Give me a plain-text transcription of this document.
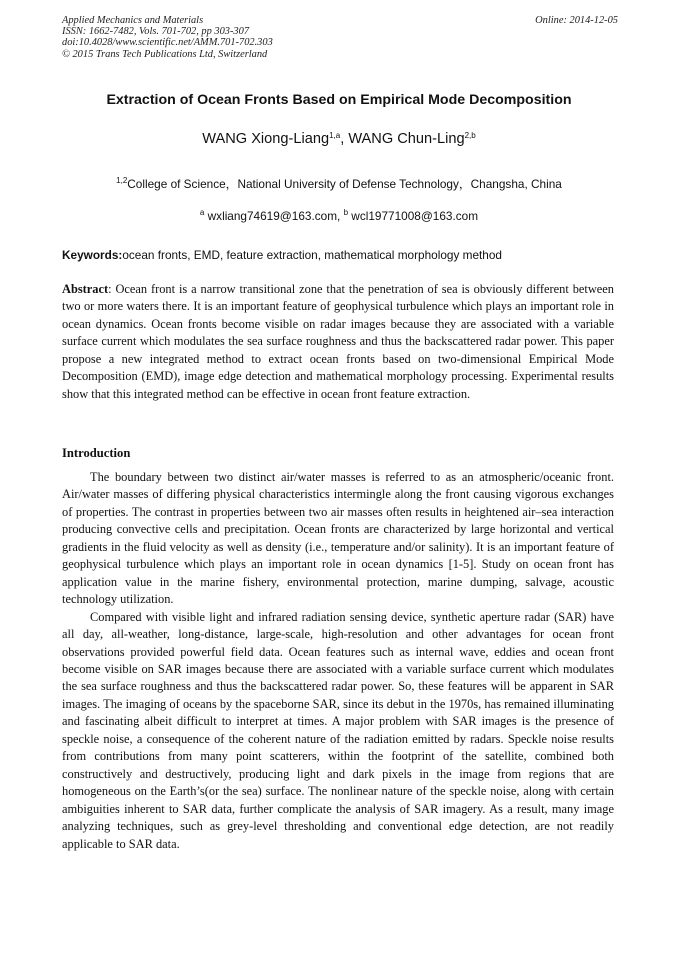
Applied Mechanics and Materials
ISSN: 1662-7482, Vols. 701-702, pp 303-307
doi:10.4028/www.scientific.net/AMM.701-702.303
© 2015 Trans Tech Publications Ltd, Switzerland
Online: 2014-12-05
Extraction of Ocean Fronts Based on Empirical Mode Decomposition
WANG Xiong-Liang$^{1,a}$, WANG Chun-Ling$^{2,b}$
$^{1,2}$College of Science，National University of Defense Technology，Changsha, China
$^a$ wxliang74619@163.com, $^b$ wcl19771008@163.com
Keywords:ocean fronts, EMD, feature extraction, mathematical morphology method
Abstract: Ocean front is a narrow transitional zone that the penetration of sea is obviously different between two or more waters there. It is an important feature of geophysical turbulence which plays an important role in ocean dynamics. Ocean fronts become visible on radar images because they are associated with a variable surface current which modulates the sea surface roughness and thus the backscattered radar power. This paper propose a new integrated method to extract ocean fronts based on two-dimensional Empirical Mode Decomposition (EMD), image edge detection and mathematical morphology processing. Experimental results show that this integrated method can be effective in ocean front feature extraction.
Introduction

The boundary between two distinct air/water masses is referred to as an atmospheric/oceanic front. Air/water masses of differing physical characteristics intermingle along the front causing vigorous exchanges of properties. The contrast in properties between two air masses often results in heightened air–sea interaction producing convective cells and precipitation. Ocean fronts are characterized by large horizontal and vertical gradients in the fluid velocity as well as density (i.e., temperature and/or salinity). It is an important feature of geophysical turbulence which plays an important role in ocean dynamics [1-5]. Study on ocean front has application value in the marine fishery, environmental protection, marine dumping, salvage, acoustic technology utilization.

Compared with visible light and infrared radiation sensing device, synthetic aperture radar (SAR) have all day, all-weather, long-distance, large-scale, high-resolution and other advantages for ocean front observations provided powerful field data. Ocean features such as internal wave, eddies and ocean front become visible on SAR images because there are associated with a variable surface current which modulates the sea surface roughness and thus the backscattered radar power. So, these features will be apparent in SAR images. The imaging of oceans by the spaceborne SAR, since its debut in the 1970s, has remained illuminating and fascinating albeit difficult to interpret at times. A major problem with SAR images is the presence of speckle noise, a consequence of the coherent nature of the radiation emitted by radars. Speckle noise results from contributions from many point scatterers, within the footprint of the satellite, combined both constructively and destructively, producing light and dark pixels in the image from regions that are homogeneous on the Earth’s(or the sea) surface. The nonlinear nature of the speckle noise, along with certain ambiguities inherent to SAR data, further complicate the analysis of SAR imagery. As a result, many image analyzing techniques, such as grey-level thresholding and conventional edge detection, are not readily applicable to SAR data.
